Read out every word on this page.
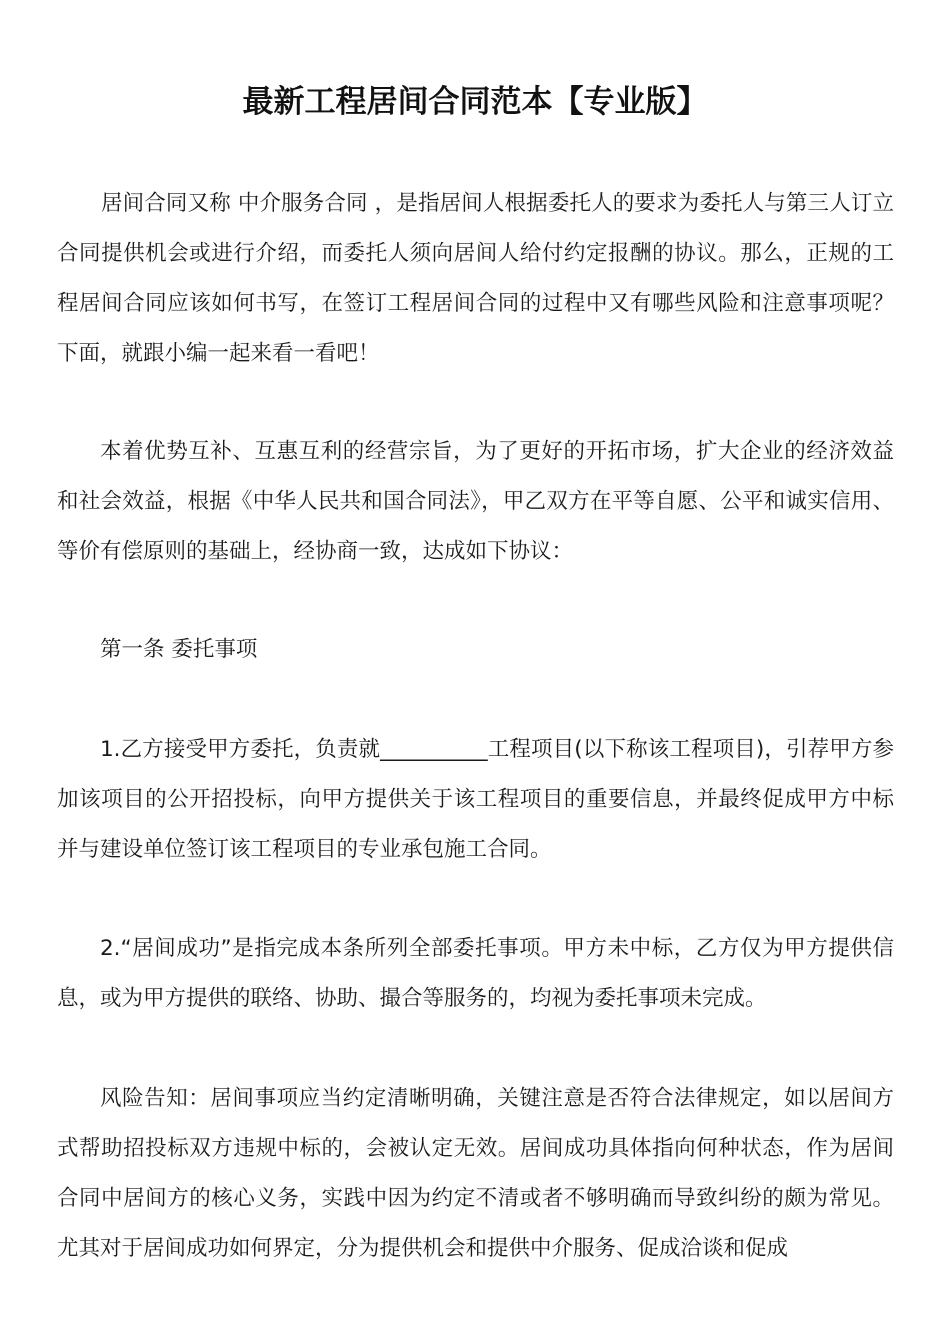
最新工程居间合同范本【专业版】

居间合同又称 中介服务合同 ，是指居间人根据委托人的要求为委托人与第三人订立合同提供机会或进行介绍，而委托人须向居间人给付约定报酬的协议。那么，正规的工程居间合同应该如何书写，在签订工程居间合同的过程中又有哪些风险和注意事项呢？下面，就跟小编一起来看一看吧！

本着优势互补、互惠互利的经营宗旨，为了更好的开拓市场，扩大企业的经济效益和社会效益，根据《中华人民共和国合同法》，甲乙双方在平等自愿、公平和诚实信用、等价有偿原则的基础上，经协商一致，达成如下协议：

第一条 委托事项

1.乙方接受甲方委托，负责就__________工程项目(以下称该工程项目)，引荐甲方参加该项目的公开招投标，向甲方提供关于该工程项目的重要信息，并最终促成甲方中标并与建设单位签订该工程项目的专业承包施工合同。

2.“居间成功”是指完成本条所列全部委托事项。甲方未中标，乙方仅为甲方提供信息，或为甲方提供的联络、协助、撮合等服务的，均视为委托事项未完成。

风险告知：居间事项应当约定清晰明确，关键注意是否符合法律规定，如以居间方式帮助招投标双方违规中标的，会被认定无效。居间成功具体指向何种状态，作为居间合同中居间方的核心义务，实践中因为约定不清或者不够明确而导致纠纷的颇为常见。尤其对于居间成功如何界定，分为提供机会和提供中介服务、促成洽谈和促成
